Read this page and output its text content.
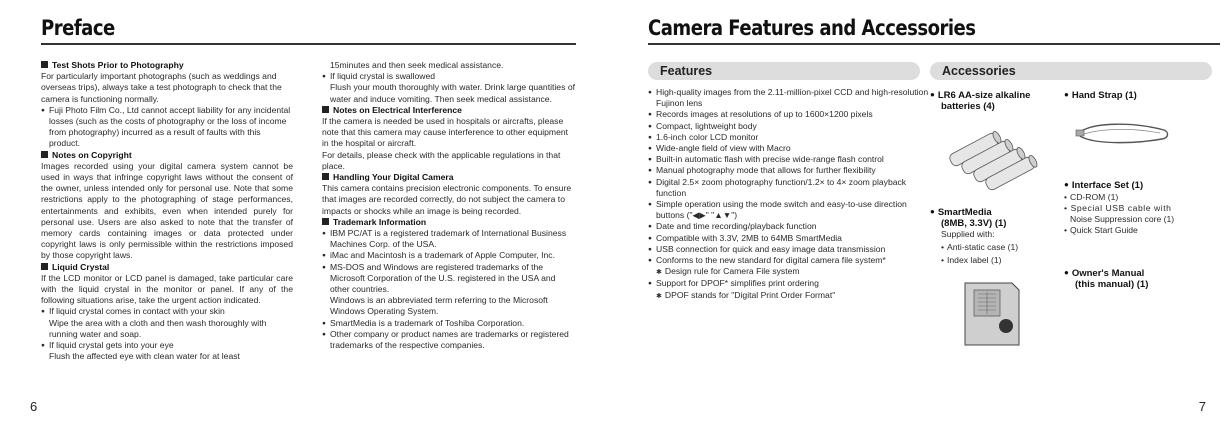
Preface

Test Shots Prior to Photography

For particularly important photographs (such as weddings and overseas trips), always take a test photograph to check that the camera is functioning normally.

● Fuji Photo Film Co., Ltd cannot accept liability for any incidental losses (such as the costs of photography or the loss of income from photography) incurred as a result of faults with this product.

Notes on Copyright

Images recorded using your digital camera system cannot be used in ways that infringe copyright laws without the consent of the owner, unless intended only for personal use. Note that some restrictions apply to the photographing of stage performances, entertainments and exhibits, even when intended purely for personal use. Users are also asked to note that the transfer of memory cards containing images or data protected under copyright laws is only permissible within the restrictions imposed by those copyright laws.

Liquid Crystal

If the LCD monitor or LCD panel is damaged, take particular care with the liquid crystal in the monitor or panel. If any of the following situations arise, take the urgent action indicated.

● If liquid crystal comes in contact with your skin

Wipe the area with a cloth and then wash thoroughly with running water and soap.

● If liquid crystal gets into your eye

Flush the affected eye with clean water for at least

15minutes and then seek medical assistance.

● If liquid crystal is swallowed

Flush your mouth thoroughly with water. Drink large quantities of water and induce vomiting. Then seek medical assistance.

Notes on Electrical Interference

If the camera is needed be used in hospitals or aircrafts, please note that this camera may cause interference to other equipment in the hospital or aircraft.

For details, please check with the applicable regulations in that place.

Handling Your Digital Camera

This camera contains precision electronic components. To ensure that images are recorded correctly, do not subject the camera to impacts or shocks while an image is being recorded.

Trademark Information

● IBM PC/AT is a registered trademark of International Business Machines Corp. of the USA.

● iMac and Macintosh is a trademark of Apple Computer, Inc.

● MS-DOS and Windows are registered trademarks of the Microsoft Corporation of the U.S. registered in the USA and other countries.

Windows is an abbreviated term referring to the Microsoft Windows Operating System.

● SmartMedia is a trademark of Toshiba Corporation.

● Other company or product names are trademarks or registered trademarks of the respective companies.

6
Camera Features and Accessories
Features

● High-quality images from the 2.11-million-pixel CCD and high-resolution Fujinon lens

● Records images at resolutions of up to 1600×1200 pixels

● Compact, lightweight body

● 1.6-inch color LCD monitor

● Wide-angle field of view with Macro

● Built-in automatic flash with precise wide-range flash control

● Manual photography mode that allows for further flexibility

● Digital 2.5× zoom photography function/1.2× to 4× zoom playback function

● Simple operation using the mode switch and easy-to-use direction buttons ("◀▶" "▲▼")

● Date and time recording/playback function

● Compatible with 3.3V, 2MB to 64MB SmartMedia

● USB connection for quick and easy image data transmission

● Conforms to the new standard for digital camera file system*

✱ Design rule for Camera File system

● Support for DPOF* simplifies print ordering

✱ DPOF stands for "Digital Print Order Format"

Accessories
● LR6 AA-size alkaline
batteries (4)
● Hand Strap (1)
● Interface Set (1)
• CD-ROM (1)
• Special USB cable with
Noise Suppression core (1)
• Quick Start Guide
● SmartMedia
(8MB, 3.3V) (1)
Supplied with:
• Anti-static case (1)
• Index label (1)
● Owner's Manual
(this manual) (1)
7
